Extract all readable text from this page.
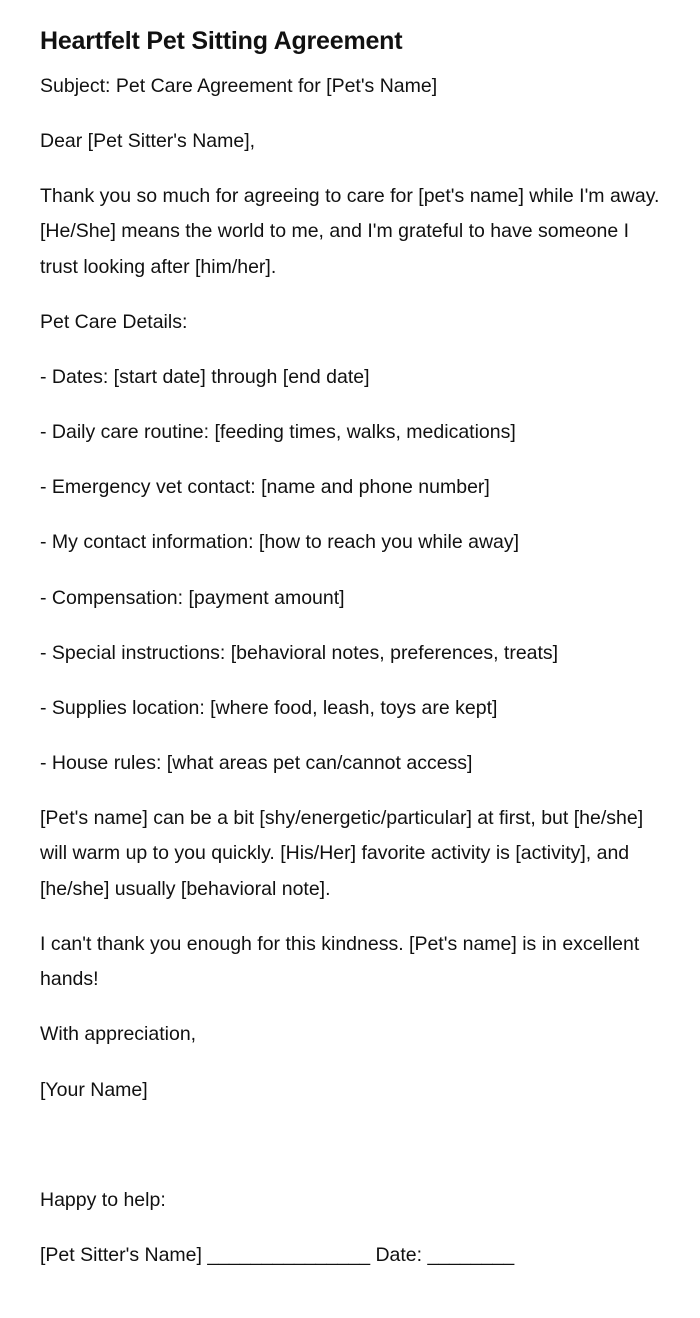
Heartfelt Pet Sitting Agreement

Subject: Pet Care Agreement for [Pet's Name]

Dear [Pet Sitter's Name],

Thank you so much for agreeing to care for [pet's name] while I'm away. [He/She] means the world to me, and I'm grateful to have someone I trust looking after [him/her].

Pet Care Details:

- Dates: [start date] through [end date]

- Daily care routine: [feeding times, walks, medications]

- Emergency vet contact: [name and phone number]

- My contact information: [how to reach you while away]

- Compensation: [payment amount]

- Special instructions: [behavioral notes, preferences, treats]

- Supplies location: [where food, leash, toys are kept]

- House rules: [what areas pet can/cannot access]

[Pet's name] can be a bit [shy/energetic/particular] at first, but [he/she] will warm up to you quickly. [His/Her] favorite activity is [activity], and [he/she] usually [behavioral note].

I can't thank you enough for this kindness. [Pet's name] is in excellent hands!

With appreciation,

[Your Name]

Happy to help:

[Pet Sitter's Name] _______________ Date: ________
